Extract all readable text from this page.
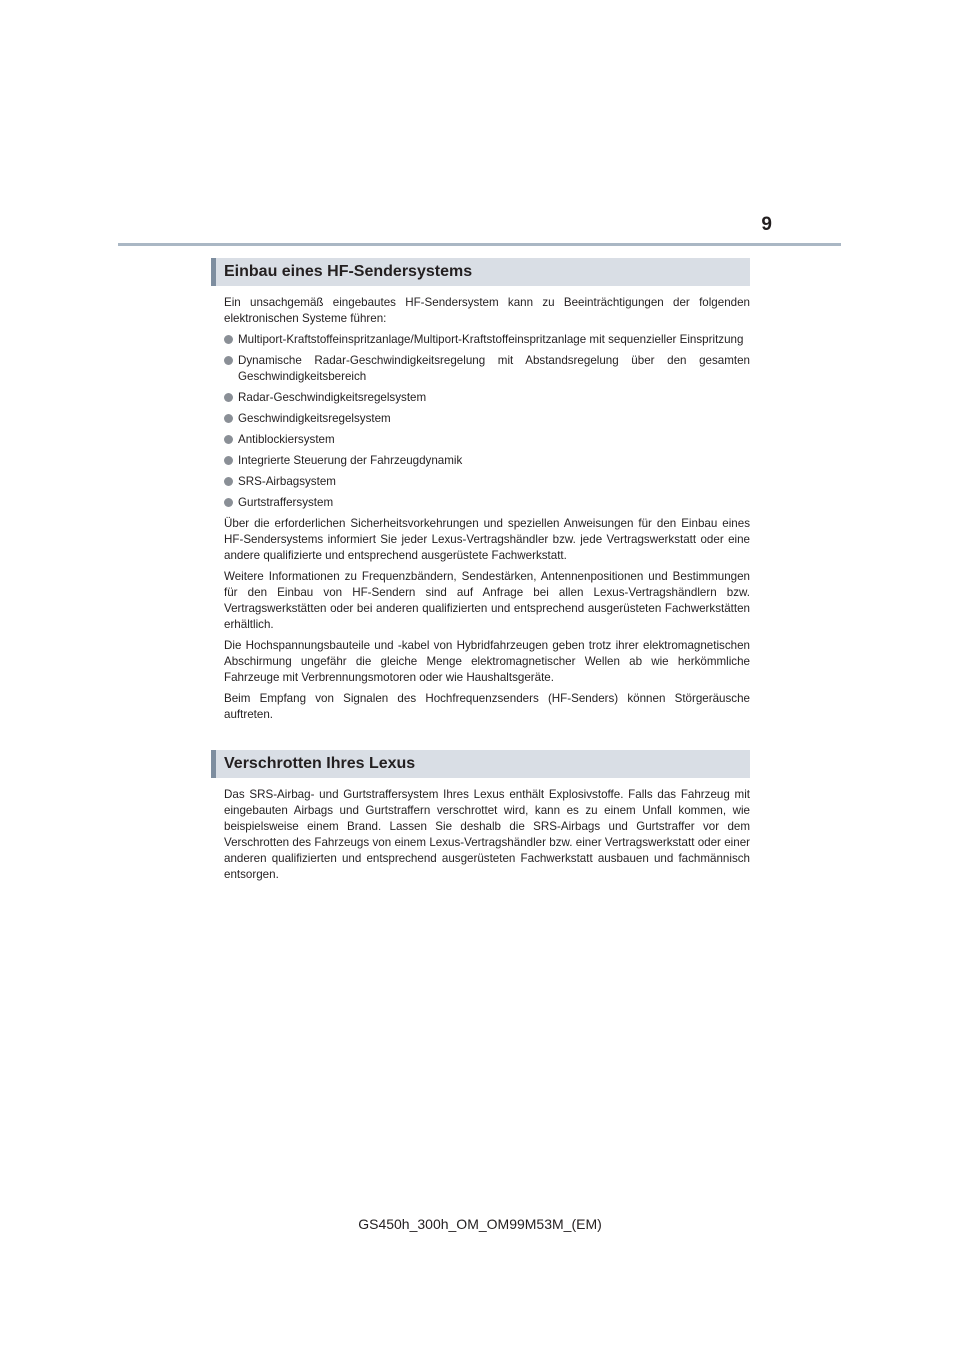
9
Einbau eines HF-Sendersystems

Ein unsachgemäß eingebautes HF-Sendersystem kann zu Beeinträchtigungen der folgenden elektronischen Systeme führen:

Multiport-Kraftstoffeinspritzanlage/Multiport-Kraftstoffeinspritzanlage mit sequenzieller Einspritzung
Dynamische Radar-Geschwindigkeitsregelung mit Abstandsregelung über den gesamten Geschwindigkeitsbereich
Radar-Geschwindigkeitsregelsystem
Geschwindigkeitsregelsystem
Antiblockiersystem
Integrierte Steuerung der Fahrzeugdynamik
SRS-Airbagsystem
Gurtstraffersystem

Über die erforderlichen Sicherheitsvorkehrungen und speziellen Anweisungen für den Einbau eines HF-Sendersystems informiert Sie jeder Lexus-Vertragshändler bzw. jede Vertragswerkstatt oder eine andere qualifizierte und entsprechend ausgerüstete Fachwerkstatt.

Weitere Informationen zu Frequenzbändern, Sendestärken, Antennenpositionen und Bestimmungen für den Einbau von HF-Sendern sind auf Anfrage bei allen Lexus-Vertragshändlern bzw. Vertragswerkstätten oder bei anderen qualifizierten und entsprechend ausgerüsteten Fachwerkstätten erhältlich.

Die Hochspannungsbauteile und -kabel von Hybridfahrzeugen geben trotz ihrer elektromagnetischen Abschirmung ungefähr die gleiche Menge elektromagnetischer Wellen ab wie herkömmliche Fahrzeuge mit Verbrennungsmotoren oder wie Haushaltsgeräte.

Beim Empfang von Signalen des Hochfrequenzsenders (HF-Senders) können Störgeräusche auftreten.

Verschrotten Ihres Lexus

Das SRS-Airbag- und Gurtstraffersystem Ihres Lexus enthält Explosivstoffe. Falls das Fahrzeug mit eingebauten Airbags und Gurtstraffern verschrottet wird, kann es zu einem Unfall kommen, wie beispielsweise einem Brand. Lassen Sie deshalb die SRS-Airbags und Gurtstraffer vor dem Verschrotten des Fahrzeugs von einem Lexus-Vertragshändler bzw. einer Vertragswerkstatt oder einer anderen qualifizierten und entsprechend ausgerüsteten Fachwerkstatt ausbauen und fachmännisch entsorgen.

GS450h_300h_OM_OM99M53M_(EM)
